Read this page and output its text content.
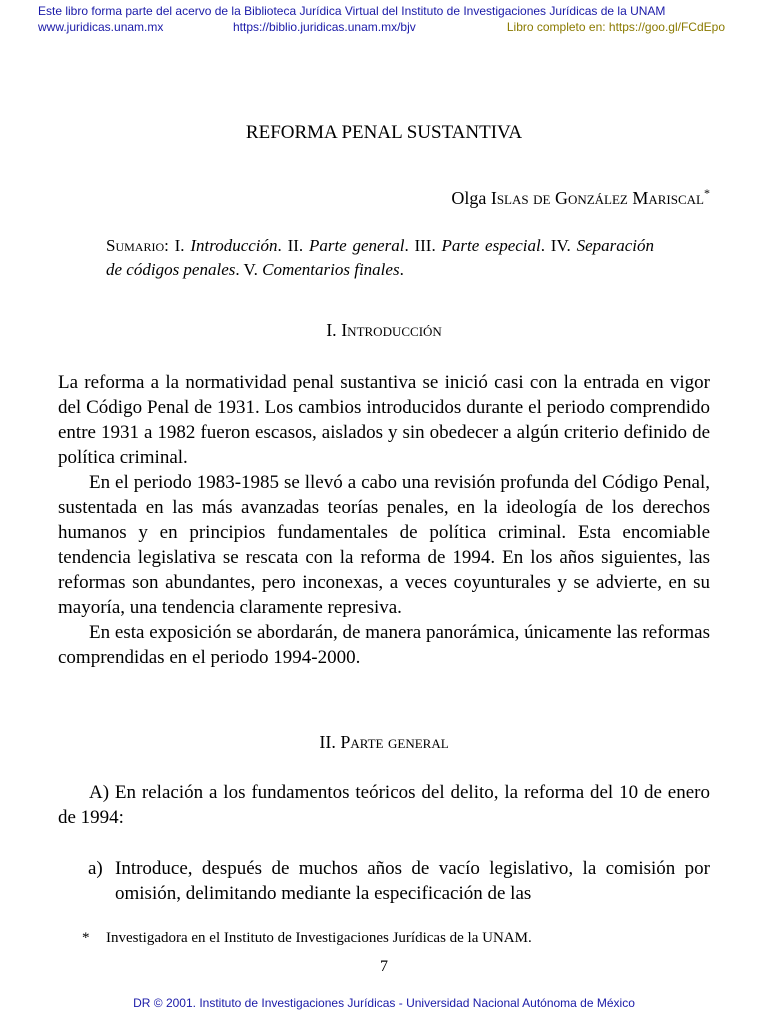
Este libro forma parte del acervo de la Biblioteca Jurídica Virtual del Instituto de Investigaciones Jurídicas de la UNAM
www.juridicas.unam.mx	https://biblio.juridicas.unam.mx/bjv	Libro completo en: https://goo.gl/FCdEpo
REFORMA PENAL SUSTANTIVA
Olga Islas de González Mariscal*
Sumario: I. Introducción. II. Parte general. III. Parte especial. IV. Separación de códigos penales. V. Comentarios finales.
I. Introducción

La reforma a la normatividad penal sustantiva se inició casi con la entrada en vigor del Código Penal de 1931. Los cambios introducidos durante el periodo comprendido entre 1931 a 1982 fueron escasos, aislados y sin obedecer a algún criterio definido de política criminal.

En el periodo 1983-1985 se llevó a cabo una revisión profunda del Código Penal, sustentada en las más avanzadas teorías penales, en la ideología de los derechos humanos y en principios fundamentales de política criminal. Esta encomiable tendencia legislativa se rescata con la reforma de 1994. En los años siguientes, las reformas son abundantes, pero inconexas, a veces coyunturales y se advierte, en su mayoría, una tendencia claramente represiva.

En esta exposición se abordarán, de manera panorámica, únicamente las reformas comprendidas en el periodo 1994-2000.

II. Parte general

A) En relación a los fundamentos teóricos del delito, la reforma del 10 de enero de 1994:

a) Introduce, después de muchos años de vacío legislativo, la comisión por omisión, delimitando mediante la especificación de las

* Investigadora en el Instituto de Investigaciones Jurídicas de la UNAM.
7
DR © 2001. Instituto de Investigaciones Jurídicas - Universidad Nacional Autónoma de México
